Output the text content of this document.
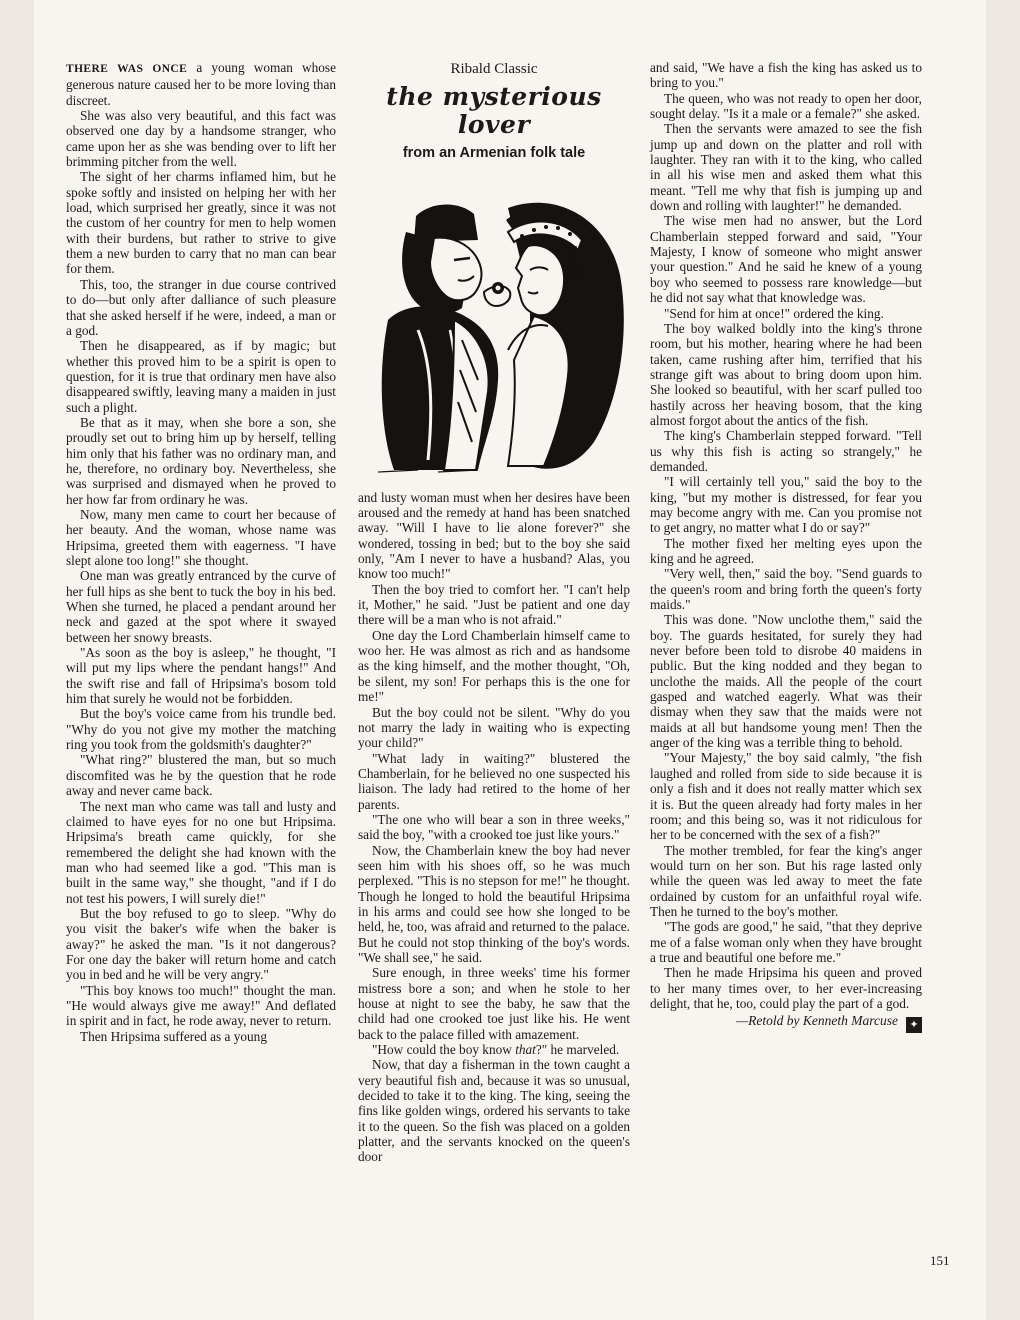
THERE WAS ONCE a young woman whose generous nature caused her to be more loving than discreet.

She was also very beautiful, and this fact was observed one day by a handsome stranger, who came upon her as she was bending over to lift her brimming pitcher from the well.

The sight of her charms inflamed him, but he spoke softly and insisted on helping her with her load, which surprised her greatly, since it was not the custom of her country for men to help women with their burdens, but rather to strive to give them a new burden to carry that no man can bear for them.

This, too, the stranger in due course contrived to do—but only after dalliance of such pleasure that she asked herself if he were, indeed, a man or a god.

Then he disappeared, as if by magic; but whether this proved him to be a spirit is open to question, for it is true that ordinary men have also disappeared swiftly, leaving many a maiden in just such a plight.

Be that as it may, when she bore a son, she proudly set out to bring him up by herself, telling him only that his father was no ordinary man, and he, therefore, no ordinary boy. Nevertheless, she was surprised and dismayed when he proved to her how far from ordinary he was.

Now, many men came to court her because of her beauty. And the woman, whose name was Hripsima, greeted them with eagerness. "I have slept alone too long!" she thought.

One man was greatly entranced by the curve of her full hips as she bent to tuck the boy in his bed. When she turned, he placed a pendant around her neck and gazed at the spot where it swayed between her snowy breasts.

"As soon as the boy is asleep," he thought, "I will put my lips where the pendant hangs!" And the swift rise and fall of Hripsima's bosom told him that surely he would not be forbidden.

But the boy's voice came from his trundle bed. "Why do you not give my mother the matching ring you took from the goldsmith's daughter?"

"What ring?" blustered the man, but so much discomfited was he by the question that he rode away and never came back.

The next man who came was tall and lusty and claimed to have eyes for no one but Hripsima. Hripsima's breath came quickly, for she remembered the delight she had known with the man who had seemed like a god. "This man is built in the same way," she thought, "and if I do not test his powers, I will surely die!"

But the boy refused to go to sleep. "Why do you visit the baker's wife when the baker is away?" he asked the man. "Is it not dangerous? For one day the baker will return home and catch you in bed and he will be very angry."

"This boy knows too much!" thought the man. "He would always give me away!" And deflated in spirit and in fact, he rode away, never to return.

Then Hripsima suffered as a young

Ribald Classic
the mysterious lover
from an Armenian folk tale

and lusty woman must when her desires have been aroused and the remedy at hand has been snatched away. "Will I have to lie alone forever?" she wondered, tossing in bed; but to the boy she said only, "Am I never to have a husband? Alas, you know too much!"

Then the boy tried to comfort her. "I can't help it, Mother," he said. "Just be patient and one day there will be a man who is not afraid."

One day the Lord Chamberlain himself came to woo her. He was almost as rich and as handsome as the king himself, and the mother thought, "Oh, be silent, my son! For perhaps this is the one for me!"

But the boy could not be silent. "Why do you not marry the lady in waiting who is expecting your child?"

"What lady in waiting?" blustered the Chamberlain, for he believed no one suspected his liaison. The lady had retired to the home of her parents.

"The one who will bear a son in three weeks," said the boy, "with a crooked toe just like yours."

Now, the Chamberlain knew the boy had never seen him with his shoes off, so he was much perplexed. "This is no stepson for me!" he thought. Though he longed to hold the beautiful Hripsima in his arms and could see how she longed to be held, he, too, was afraid and returned to the palace. But he could not stop thinking of the boy's words. "We shall see," he said.

Sure enough, in three weeks' time his former mistress bore a son; and when he stole to her house at night to see the baby, he saw that the child had one crooked toe just like his. He went back to the palace filled with amazement.

"How could the boy know that?" he marveled.

Now, that day a fisherman in the town caught a very beautiful fish and, because it was so unusual, decided to take it to the king. The king, seeing the fins like golden wings, ordered his servants to take it to the queen. So the fish was placed on a golden platter, and the servants knocked on the queen's door

and said, "We have a fish the king has asked us to bring to you."

The queen, who was not ready to open her door, sought delay. "Is it a male or a female?" she asked.

Then the servants were amazed to see the fish jump up and down on the platter and roll with laughter. They ran with it to the king, who called in all his wise men and asked them what this meant. "Tell me why that fish is jumping up and down and rolling with laughter!" he demanded.

The wise men had no answer, but the Lord Chamberlain stepped forward and said, "Your Majesty, I know of someone who might answer your question." And he said he knew of a young boy who seemed to possess rare knowledge—but he did not say what that knowledge was.

"Send for him at once!" ordered the king.

The boy walked boldly into the king's throne room, but his mother, hearing where he had been taken, came rushing after him, terrified that his strange gift was about to bring doom upon him. She looked so beautiful, with her scarf pulled too hastily across her heaving bosom, that the king almost forgot about the antics of the fish.

The king's Chamberlain stepped forward. "Tell us why this fish is acting so strangely," he demanded.

"I will certainly tell you," said the boy to the king, "but my mother is distressed, for fear you may become angry with me. Can you promise not to get angry, no matter what I do or say?"

The mother fixed her melting eyes upon the king and he agreed.

"Very well, then," said the boy. "Send guards to the queen's room and bring forth the queen's forty maids."

This was done. "Now unclothe them," said the boy. The guards hesitated, for surely they had never before been told to disrobe 40 maidens in public. But the king nodded and they began to unclothe the maids. All the people of the court gasped and watched eagerly. What was their dismay when they saw that the maids were not maids at all but handsome young men! Then the anger of the king was a terrible thing to behold.

"Your Majesty," the boy said calmly, "the fish laughed and rolled from side to side because it is only a fish and it does not really matter which sex it is. But the queen already had forty males in her room; and this being so, was it not ridiculous for her to be concerned with the sex of a fish?"

The mother trembled, for fear the king's anger would turn on her son. But his rage lasted only while the queen was led away to meet the fate ordained by custom for an unfaithful royal wife. Then he turned to the boy's mother.

"The gods are good," he said, "that they deprive me of a false woman only when they have brought a true and beautiful one before me."

Then he made Hripsima his queen and proved to her many times over, to her ever-increasing delight, that he, too, could play the part of a god.

—Retold by Kenneth Marcuse ✦
151
